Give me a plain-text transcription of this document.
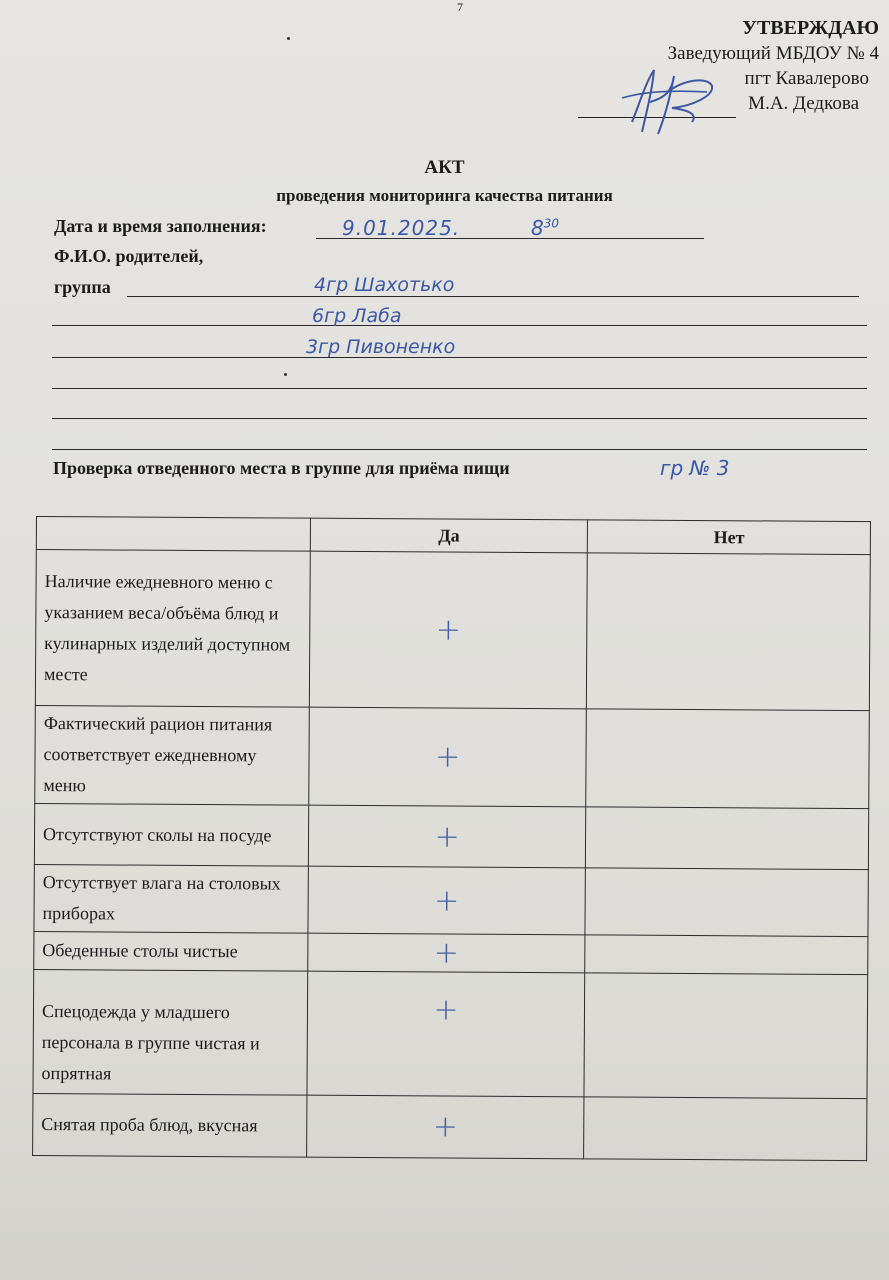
7
УТВЕРЖДАЮ
Заведующий МБДОУ № 4
пгт Кавалерово
М.А. Дедкова
АКТ
проведения мониторинга качества питания
Дата и время заполнения:	9.01.2025.	$8^{30}$
Ф.И.О. родителей,
группа	4гр Шахотько
6гр Лаба
3гр Пивоненко
Проверка отведенного места в группе для приёма пищи	гр № 3
	Да	Нет
Наличие ежедневного меню с указанием веса/объёма блюд и кулинарных изделий доступном месте	+	
Фактический рацион питания соответствует ежедневному меню	+	
Отсутствуют сколы на посуде	+	
Отсутствует влага на столовых приборах	+	
Обеденные столы чистые	+	
Спецодежда у младшего персонала в группе чистая и опрятная	+	
Снятая проба блюд, вкусная	+	
